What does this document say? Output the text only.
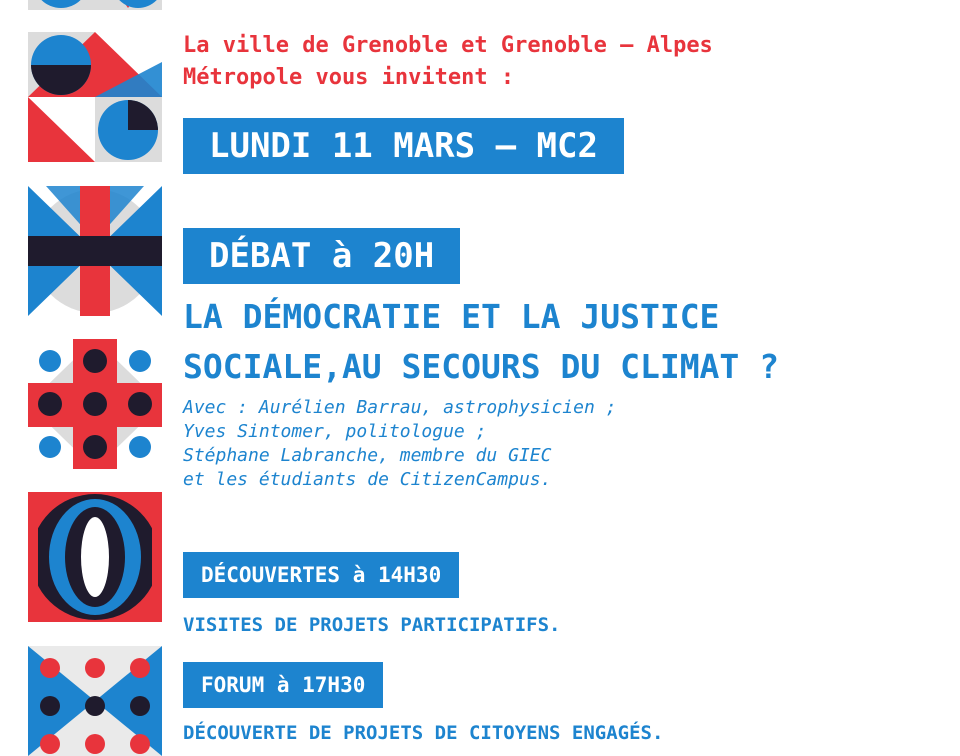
La ville de Grenoble et Grenoble – Alpes
Métropole vous invitent :
LUNDI 11 MARS – MC2
DÉBAT à 20H
LA DÉMOCRATIE ET LA JUSTICE
SOCIALE,AU SECOURS DU CLIMAT ?
Avec : Aurélien Barrau, astrophysicien ;
Yves Sintomer, politologue ;
Stéphane Labranche, membre du GIEC
et les étudiants de CitizenCampus.
DÉCOUVERTES à 14H30
VISITES DE PROJETS PARTICIPATIFS.
FORUM à 17H30
DÉCOUVERTE DE PROJETS DE CITOYENS ENGAGÉS.
